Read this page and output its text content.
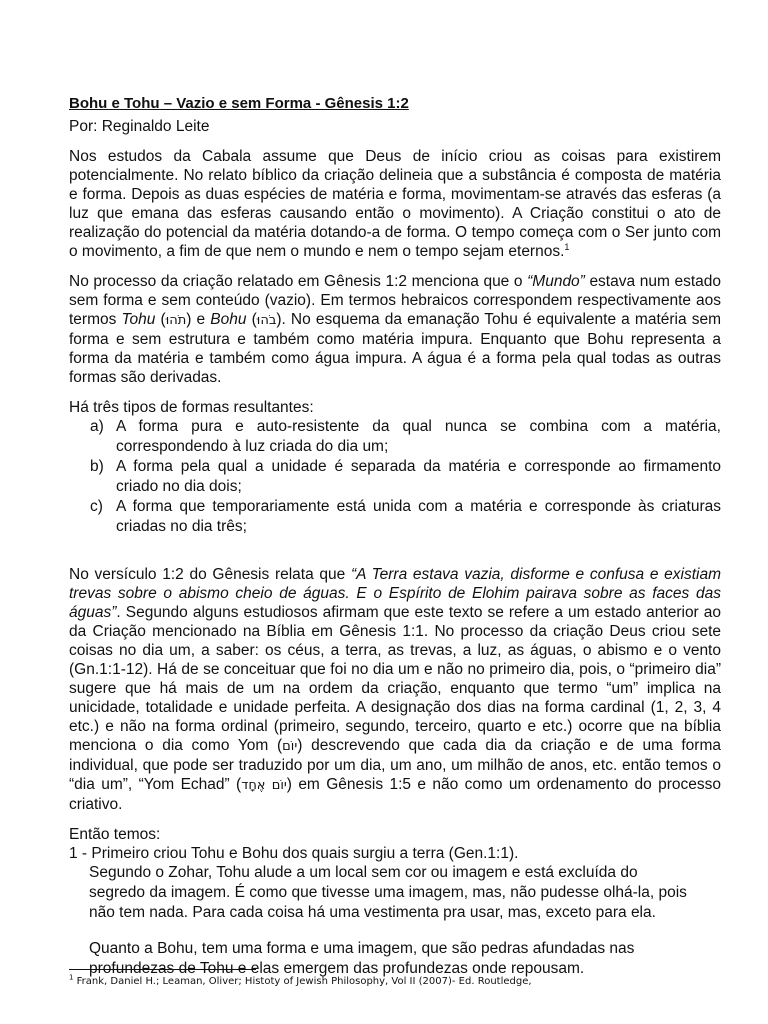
Bohu e Tohu – Vazio e sem Forma - Gênesis 1:2
Por: Reginaldo Leite

Nos estudos da Cabala assume que Deus de início criou as coisas para existirem potencialmente. No relato bíblico da criação delineia que a substância é composta de matéria e forma. Depois as duas espécies de matéria e forma, movimentam-se através das esferas (a luz que emana das esferas causando então o movimento). A Criação constitui o ato de realização do potencial da matéria dotando-a de forma. O tempo começa com o Ser junto com o movimento, a fim de que nem o mundo e nem o tempo sejam eternos.$^1$

No processo da criação relatado em Gênesis 1:2 menciona que o “Mundo” estava num estado sem forma e sem conteúdo (vazio). Em termos hebraicos correspondem respectivamente aos termos Tohu (תֹהוּ) e Bohu (בֹהוּ). No esquema da emanação Tohu é equivalente a matéria sem forma e sem estrutura e também como matéria impura. Enquanto que Bohu representa a forma da matéria e também como água impura. A água é a forma pela qual todas as outras formas são derivadas.

Há três tipos de formas resultantes:
a) A forma pura e auto-resistente da qual nunca se combina com a matéria, correspondendo à luz criada do dia um;
b) A forma pela qual a unidade é separada da matéria e corresponde ao firmamento criado no dia dois;
c) A forma que temporariamente está unida com a matéria e corresponde às criaturas criadas no dia três;

No versículo 1:2 do Gênesis relata que “A Terra estava vazia, disforme e confusa e existiam trevas sobre o abismo cheio de águas. E o Espírito de Elohim pairava sobre as faces das águas”. Segundo alguns estudiosos afirmam que este texto se refere a um estado anterior ao da Criação mencionado na Bíblia em Gênesis 1:1. No processo da criação Deus criou sete coisas no dia um, a saber: os céus, a terra, as trevas, a luz, as águas, o abismo e o vento (Gn.1:1-12). Há de se conceituar que foi no dia um e não no primeiro dia, pois, o “primeiro dia” sugere que há mais de um na ordem da criação, enquanto que termo “um” implica na unicidade, totalidade e unidade perfeita. A designação dos dias na forma cardinal (1, 2, 3, 4 etc.) e não na forma ordinal (primeiro, segundo, terceiro, quarto e etc.) ocorre que na bíblia menciona o dia como Yom (יוֹם) descrevendo que cada dia da criação e de uma forma individual, que pode ser traduzido por um dia, um ano, um milhão de anos, etc. então temos o “dia um”, “Yom Echad” (יוֹם אֶחָד) em Gênesis 1:5 e não como um ordenamento do processo criativo.

Então temos:
1 - Primeiro criou Tohu e Bohu dos quais surgiu a terra (Gen.1:1).
Segundo o Zohar, Tohu alude a um local sem cor ou imagem e está excluída do
segredo da imagem. É como que tivesse uma imagem, mas, não pudesse olhá-la, pois
não tem nada. Para cada coisa há uma vestimenta pra usar, mas, exceto para ela.
Quanto a Bohu, tem uma forma e uma imagem, que são pedras afundadas nas
profundezas de Tohu e elas emergem das profundezas onde repousam.
$^1$ Frank, Daniel H.; Leaman, Oliver; Histoty of Jewish Philosophy, Vol II (2007)- Ed. Routledge,
